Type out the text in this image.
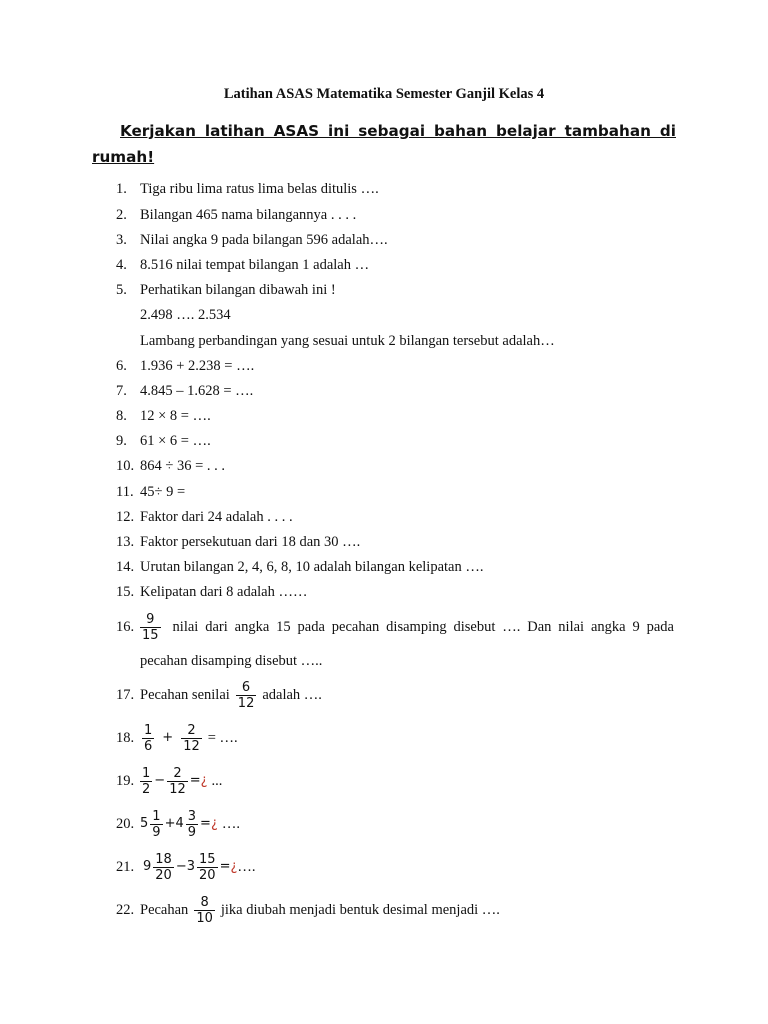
Latihan ASAS Matematika Semester Ganjil Kelas 4
Kerjakan latihan ASAS ini sebagai bahan belajar tambahan di
rumah!
1. Tiga ribu lima ratus lima belas ditulis ….
2. Bilangan 465 nama bilangannya . . . .
3. Nilai angka 9 pada bilangan 596 adalah….
4. 8.516 nilai tempat bilangan 1 adalah …
5. Perhatikan bilangan dibawah ini !
2.498 …. 2.534
Lambang perbandingan yang sesuai untuk 2 bilangan tersebut adalah…
6. 1.936 + 2.238 = ….
7. 4.845 – 1.628 = ….
8. 12 × 8 = ….
9. 61 × 6 = ….
10. 864 ÷ 36 = . . .
11. 45÷ 9 =
12. Faktor dari 24 adalah . . . .
13. Faktor persekutuan dari 18 dan 30 ….
14. Urutan bilangan 2, 4, 6, 8, 10 adalah bilangan kelipatan ….
15. Kelipatan dari 8 adalah ……
16. $\frac{9}{15}$ nilai dari angka 15 pada pecahan disamping disebut …. Dan nilai angka 9 pada
pecahan disamping disebut …..
17. Pecahan senilai $\frac{6}{12}$ adalah ….
18. $\frac{1}{6} + \frac{2}{12}$ = ….
19. $\frac{1}{2} - \frac{2}{12}$ = ¿ ...
20. $5 \frac{1}{9} + 4 \frac{3}{9}$ = ¿ ….
21. $9 \frac{18}{20} - 3 \frac{15}{20}$ = ¿ ….
22. Pecahan $\frac{8}{10}$ jika diubah menjadi bentuk desimal menjadi ….
